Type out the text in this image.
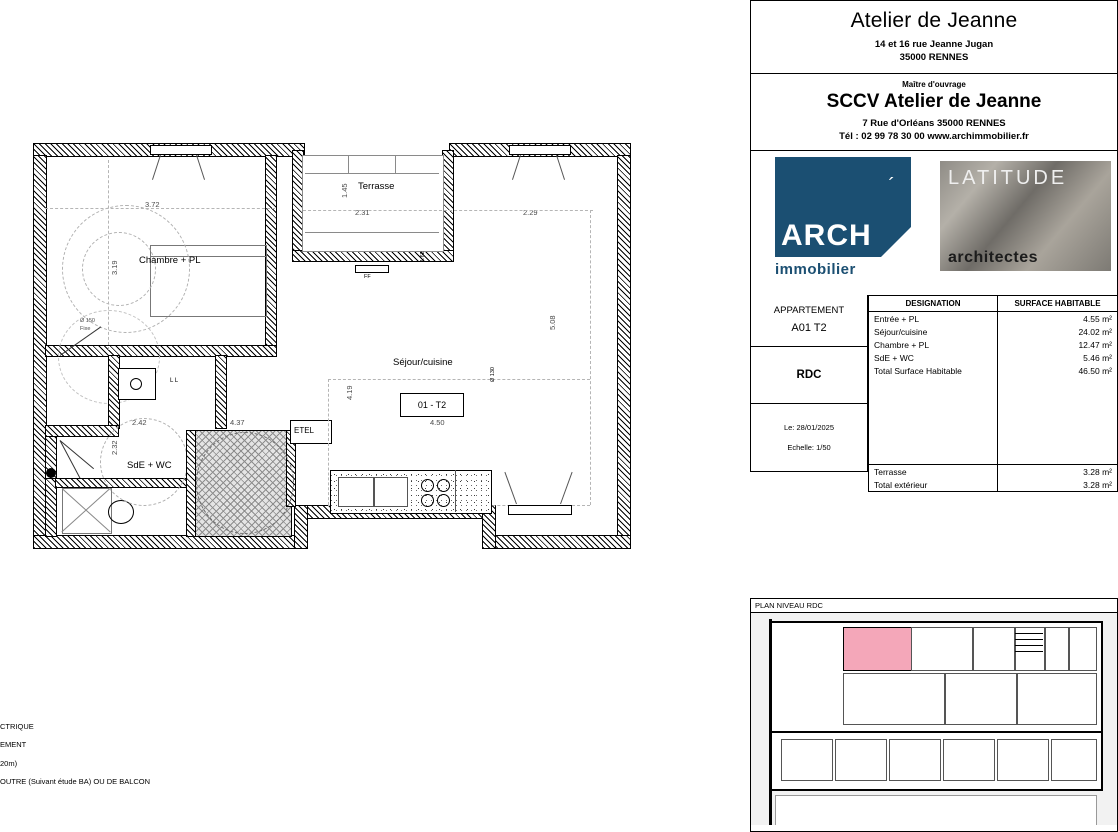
Terrasse
Chambre + PL
3.72
3.19
Ø 150
Fixe
L L
2.42	4.37
SdE + WC
2.32
ETEL
Séjour/cuisine
01 - T2
4.50
4.19
5.08
2.31	2.29
1.45
FF
1.62
Ø 130
CTRIQUE
EMENT
20m)
OUTRE (Suivant étude BA) OU DE BALCON
Atelier de Jeanne
14 et 16 rue Jeanne Jugan
35000 RENNES
Maître d'ouvrage
SCCV Atelier de Jeanne
7 Rue d'Orléans 35000 RENNES
Tél : 02 99 78 30 00 www.archimmobilier.fr
´
ARCH
immobilier
LATITUDE
architectes
APPARTEMENT
A01 T2
RDC
Le: 28/01/2025
Echelle: 1/50
DESIGNATION	SURFACE HABITABLE
Entrée + PL	4.55 m²
Séjour/cuisine	24.02 m²
Chambre + PL	12.47 m²
SdE + WC	5.46 m²
Total Surface Habitable	46.50 m²

Terrasse	3.28 m²
Total extérieur	3.28 m²
PLAN NIVEAU RDC
